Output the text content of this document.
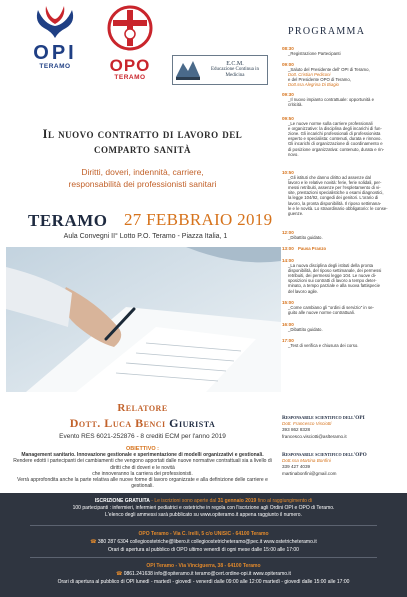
OPI
TERAMO	OPO
TERAMO
E.C.M.
Educazione Continua in Medicina
Il nuovo contratto di lavoro del
comparto sanità
Diritti, doveri, indennità, carriere,
responsabilità dei professionisti sanitari
TERAMO 27 FEBBRAIO 2019
Aula Convegni II° Lotto P.O. Teramo - Piazza Italia, 1
Relatore
Dott. Luca Benci Giurista
Evento RES 6021-252876 - 8 crediti ECM per l'anno 2019
OBIETTIVO :
Management sanitario. Innovazione gestionale e sperimentazione di modelli organizzativi e gestionali.
Rendere edotti i partecipanti dei cambiamenti che vengono apportati dalle nuove normative contrattuali sia a livello di diritti che di doveri e le novità
che innoveranno la carriera dei professionisti.
Verrà approfondita anche la parte relativa alle nuove forme di lavoro organizzate e alla definizione delle carriere e gestionali.
PROGRAMMA
08:30
_Registrazione Partecipanti
09:00
_Saluto del Presidente dell' OPI di Teramo,
Dott. Cristian Pediconi
e del Presidente OPO di Teramo,
Dott.ssa Alegrina Di Biagio
09:30
_Il nuovo impianto contrattuale: opportunità e
criticità.
09:50
_Le nuove norme sulla carriere professionali
e organizzative: la disciplina degli incarichi di fun-
zione. Gli incarichi professionali di professionista
esperto e specialista: contenuti, durata e rinnovo.
Gli incarichi di organizzazione di coordinamento e
di posizione organizzativa: contenuto, durata e rin-
novo.
10:50
_Gli istituti che danno diritto ad assenze dal
lavoro e le relative novità: ferie, ferie solidali, per-
messi retribuiti, assenze per l'espletamento di vi-
site, prestazioni specialistiche o esami diagnostici,
la legge 104/92, congedi dei genitori. L'orario di
lavoro, la pronta disponibilità. Il riposo settimana-
le e le novità. Lo straordinario obbligatorio: le conse-
guenze.
12:00
_Dibattito guidato.
13:00 Pausa Pranzo
14:00
_La nuova disciplina degli istituti della pronta
disponibilità, del riposo settimanale, dei permessi
retribuiti, dei permessi legge 104. Le nuove di-
sposizioni sui contratti di lavoro a tempo deter-
minato, a tempo parziale e alla nuova fattispecie
del lavoro agile.
15:00
_Come cambiano gli "ordini di servizio" in se-
guito alle nuove norme contrattuali.
16:00
_Dibattito guidato.
17:00
_Test di verifica e chiusura dei corso.
Responsabile scientifico dell'OPI
Dott. Francesco Visciotti
393 862 8328
francesco.visciotti@aslteramo.it
Responsabile scientifico dell'OPO
Dott.ssa Martina Bonfini
339 427 4039
martinabonfini@gmail.com
ISCRIZIONE GRATUITA - Le iscrizioni sono aperte dal 31 gennaio 2019 fino al raggiungimento di
100 partecipanti : infermieri, infermieri pediatrici e ostetriche in regola con l'iscrizione agli Ordini OPI e OPO di Teramo.
L'elenco degli ammessi sarà pubblicato su www.opiteramo.it appena raggiunto il numero.
OPO Teramo - Via C. Irelli, 5 c/o UNISIC - 64100 Teramo
☎ 380 287 6304 collegioostetriche@libero.it collegioostetricheteramo@pec.it www.ostetricheteramo.it
Orari di apertura al pubblico di OPO ultimo venerdì di ogni mese dalle 15:00 alle 17:00
OPI Teramo - Via Vinciguerra, 38 - 64100 Teramo
☎ 0861.241638 info@opiteramo.it teramo@cert.ordine-opi.it www.opiteramo.it
Orari di apertura al pubblico di OPI lunedì - martedì - giovedì - venerdì dalle 09:00 alle 12:00 martedì - giovedì dalle 15:00 alle 17:00
